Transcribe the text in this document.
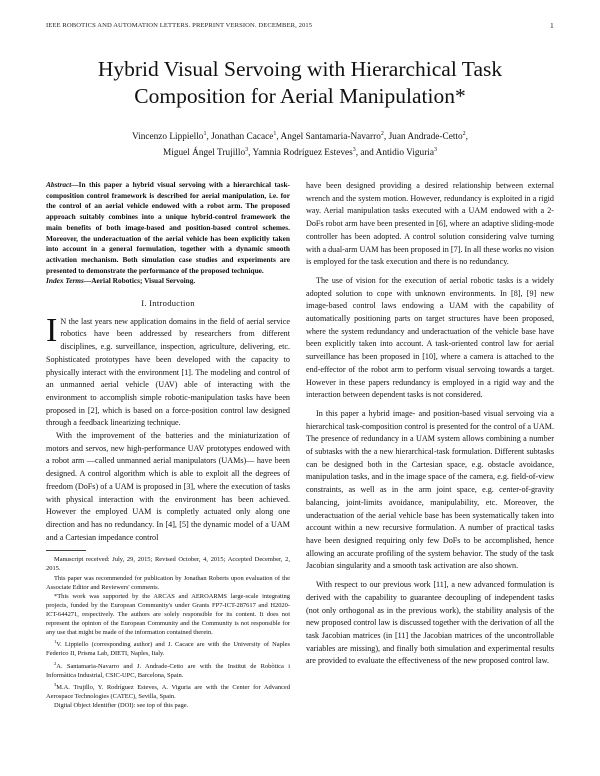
IEEE ROBOTICS AND AUTOMATION LETTERS. PREPRINT VERSION. DECEMBER, 2015	1
Hybrid Visual Servoing with Hierarchical Task
Composition for Aerial Manipulation*
Vincenzo Lippiello$^1$, Jonathan Cacace$^1$, Angel Santamaria-Navarro$^2$, Juan Andrade-Cetto$^2$,
Miguel Ángel Trujillo$^3$, Yamnia Rodríguez Esteves$^3$, and Antidio Viguria$^3$

Abstract—In this paper a hybrid visual servoing with a hierarchical task-composition control framework is described for aerial manipulation, i.e. for the control of an aerial vehicle endowed with a robot arm. The proposed approach suitably combines into a unique hybrid-control framework the main benefits of both image-based and position-based control schemes. Moreover, the underactuation of the aerial vehicle has been explicitly taken into account in a general formulation, together with a dynamic smooth activation mechanism. Both simulation case studies and experiments are presented to demonstrate the performance of the proposed technique.

Index Terms—Aerial Robotics; Visual Servoing.

I. Introduction

I N the last years new application domains in the field of aerial service robotics have been addressed by researchers from different disciplines, e.g. surveillance, inspection, agriculture, delivering, etc. Sophisticated prototypes have been developed with the capacity to physically interact with the environment [1]. The modeling and control of an unmanned aerial vehicle (UAV) able of interacting with the environment to accomplish simple robotic-manipulation tasks have been proposed in [2], which is based on a force-position control law designed through a feedback linearizing technique.

With the improvement of the batteries and the miniaturization of motors and servos, new high-performance UAV prototypes endowed with a robot arm —called unmanned aerial manipulators (UAMs)— have been designed. A control algorithm which is able to exploit all the degrees of freedom (DoFs) of a UAM is proposed in [3], where the execution of tasks with physical interaction with the environment has been achieved. However the employed UAM is completly actuated only along one direction and has no redundancy. In [4], [5] the dynamic model of a UAM and a Cartesian impedance control

Manuscript received: July, 29, 2015; Revised October, 4, 2015; Accepted December, 2, 2015.

This paper was recommended for publication by Jonathan Roberts upon evaluation of the Associate Editor and Reviewers' comments.

*This work was supported by the ARCAS and AEROARMS large-scale integrating projects, funded by the European Community's under Grants FP7-ICT-287617 and H2020-ICT-644271, respectively. The authors are solely responsible for its content. It does not represent the opinion of the European Community and the Community is not responsible for any use that might be made of the information contained therein.

$^1$V. Lippiello (corresponding author) and J. Cacace are with the University of Naples Federico II, Prisma Lab, DIETI, Naples, Italy.

$^2$A. Santamaria-Navarro and J. Andrade-Cetto are with the Institut de Robòtica i Informàtica Industrial, CSIC-UPC, Barcelona, Spain.

$^3$M.A. Trujillo, Y. Rodríguez Esteves, A. Viguria are with the Center for Advanced Aerospace Technologies (CATEC), Sevilla, Spain.

Digital Object Identifier (DOI): see top of this page.

have been designed providing a desired relationship between external wrench and the system motion. However, redundancy is exploited in a rigid way. Aerial manipulation tasks executed with a UAM endowed with a 2-DoFs robot arm have been presented in [6], where an adaptive sliding-mode controller has been adopted. A control solution considering valve turning with a dual-arm UAM has been proposed in [7]. In all these works no vision is employed for the task execution and there is no redundancy.

The use of vision for the execution of aerial robotic tasks is a widely adopted solution to cope with unknown environments. In [8], [9] new image-based control laws endowing a UAM with the capability of automatically positioning parts on target structures have been proposed, where the system redundancy and underactuation of the vehicle base have been explicitly taken into account. A task-oriented control law for aerial surveillance has been proposed in [10], where a camera is attached to the end-effector of the robot arm to perform visual servoing towards a target. However in these papers redundancy is employed in a rigid way and the interaction between dependent tasks is not considered.

In this paper a hybrid image- and position-based visual servoing via a hierarchical task-composition control is presented for the control of a UAM. The presence of redundancy in a UAM system allows combining a number of subtasks with the a new hierarchical-task formulation. Different subtasks can be designed both in the Cartesian space, e.g. obstacle avoidance, manipulation tasks, and in the image space of the camera, e.g. field-of-view constraints, as well as in the arm joint space, e.g. center-of-gravity balancing, joint-limits avoidance, manipulability, etc. Moreover, the underactuation of the aerial vehicle base has been systematically taken into account within a new recursive formulation. A number of practical tasks have been designed requiring only few DoFs to be accomplished, hence allowing an accurate profiling of the system behavior. The study of the task Jacobian singularity and a smooth task activation are also shown.

With respect to our previous work [11], a new advanced formulation is derived with the capability to guarantee decoupling of independent tasks (not only orthogonal as in the previous work), the stability analysis of the new proposed control law is discussed together with the derivation of all the task Jacobian matrices (in [11] the Jacobian matrices of the uncontrollable variables are missing), and finally both simulation and experimental results are provided to evaluate the effectiveness of the new proposed control law.
